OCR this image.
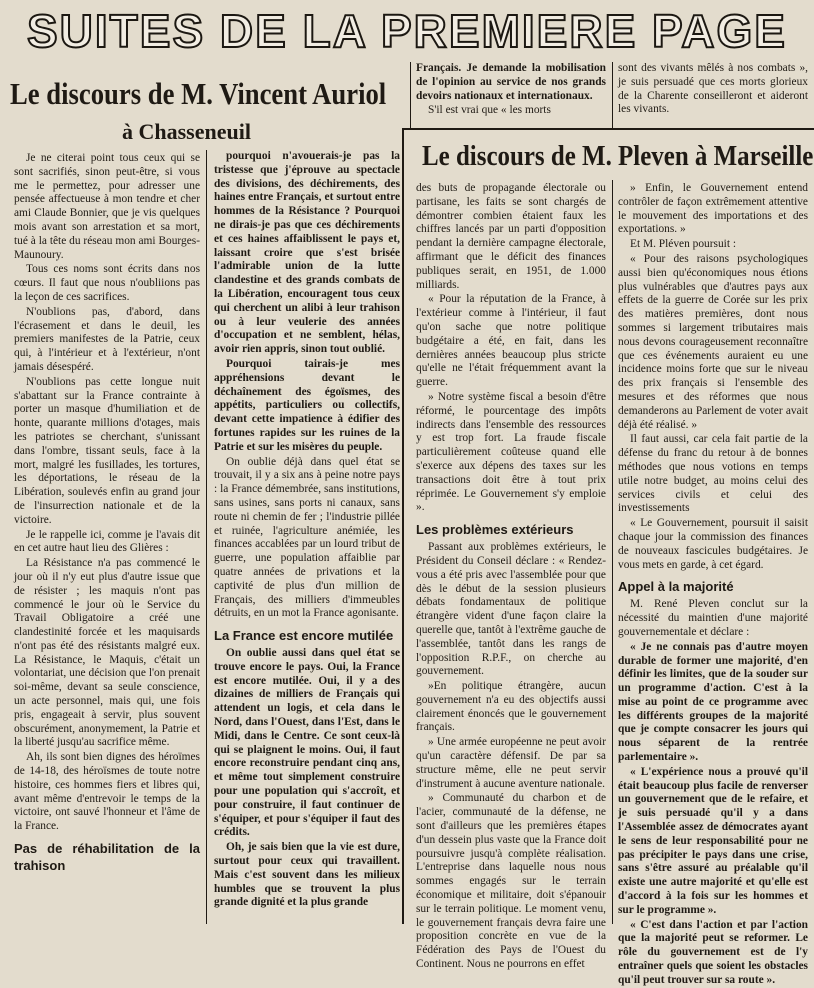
SUITES DE LA PREMIERE PAGE
Le discours de M. Vincent Auriol
à Chasseneuil
Le discours de M. Pleven à Marseille

Je ne citerai point tous ceux qui se sont sacrifiés, sinon peut-être, si vous me le permettez, pour adresser une pensée affectueuse à mon tendre et cher ami Claude Bonnier, que je vis quelques mois avant son arrestation et sa mort, tué à la tête du réseau mon ami Bourges-Maunoury.

Tous ces noms sont écrits dans nos cœurs. Il faut que nous n'oubliions pas la leçon de ces sacrifices.

N'oublions pas, d'abord, dans l'écrasement et dans le deuil, les premiers manifestes de la Patrie, ceux qui, à l'intérieur et à l'extérieur, n'ont jamais désespéré.

N'oublions pas cette longue nuit s'abattant sur la France contrainte à porter un masque d'humiliation et de honte, quarante millions d'otages, mais les patriotes se cherchant, s'unissant dans l'ombre, tissant seuls, face à la mort, malgré les fusillades, les tortures, les déportations, le réseau de la Libération, soulevés enfin au grand jour de l'insurrection nationale et de la victoire.

Je le rappelle ici, comme je l'avais dit en cet autre haut lieu des Glières :

La Résistance n'a pas commencé le jour où il n'y eut plus d'autre issue que de résister ; les maquis n'ont pas commencé le jour où le Service du Travail Obligatoire a créé une clandestinité forcée et les maquisards n'ont pas été des résistants malgré eux. La Résistance, le Maquis, c'était un volontariat, une décision que l'on prenait soi-même, devant sa seule conscience, un acte personnel, mais qui, une fois pris, engageait à servir, plus souvent obscurément, anonymement, la Patrie et la liberté jusqu'au sacrifice même.

Ah, ils sont bien dignes des héroïmes de 14-18, des héroïsmes de toute notre histoire, ces hommes fiers et libres qui, avant même d'entrevoir le temps de la victoire, ont sauvé l'honneur et l'âme de la France.

Pas de réhabilitation de la trahison

pourquoi n'avouerais-je pas la tristesse que j'éprouve au spectacle des divisions, des déchirements, des haines entre Français, et surtout entre hommes de la Résistance ? Pourquoi ne dirais-je pas que ces déchirements et ces haines affaiblissent le pays et, laissant croire que s'est brisée l'admirable union de la lutte clandestine et des grands combats de la Libération, encouragent tous ceux qui cherchent un alibi à leur trahison ou à leur veulerie des années d'occupation et ne semblent, hélas, avoir rien appris, sinon tout oublié.

Pourquoi tairais-je mes appréhensions devant le déchaînement des égoïsmes, des appétits, particuliers ou collectifs, devant cette impatience à édifier des fortunes rapides sur les ruines de la Patrie et sur les misères du peuple.

On oublie déjà dans quel état se trouvait, il y a six ans à peine notre pays : la France démembrée, sans institutions, sans usines, sans ports ni canaux, sans route ni chemin de fer ; l'industrie pillée et ruinée, l'agriculture anémiée, les finances accablées par un lourd tribut de guerre, une population affaiblie par quatre années de privations et la captivité de plus d'un million de Français, des milliers d'immeubles détruits, en un mot la France agonisante.

La France est encore mutilée

On oublie aussi dans quel état se trouve encore le pays. Oui, la France est encore mutilée. Oui, il y a des dizaines de milliers de Français qui attendent un logis, et cela dans le Nord, dans l'Ouest, dans l'Est, dans le Midi, dans le Centre. Ce sont ceux-là qui se plaignent le moins. Oui, il faut encore reconstruire pendant cinq ans, et même tout simplement construire pour une population qui s'accroît, et pour construire, il faut continuer de s'équiper, et pour s'équiper il faut des crédits.

Oh, je sais bien que la vie est dure, surtout pour ceux qui travaillent. Mais c'est souvent dans les milieux humbles que se trouvent la plus grande dignité et la plus grande

Français. Je demande la mobilisation de l'opinion au service de nos grands devoirs nationaux et internationaux.

S'il est vrai que « les morts

sont des vivants mêlés à nos combats », je suis persuadé que ces morts glorieux de la Charente conseilleront et aideront les vivants.

des buts de propagande électorale ou partisane, les faits se sont chargés de démontrer combien étaient faux les chiffres lancés par un parti d'opposition pendant la dernière campagne électorale, affirmant que le déficit des finances publiques serait, en 1951, de 1.000 milliards.

« Pour la réputation de la France, à l'extérieur comme à l'intérieur, il faut qu'on sache que notre politique budgétaire a été, en fait, dans les dernières années beaucoup plus stricte qu'elle ne l'était fréquemment avant la guerre.

» Notre système fiscal a besoin d'être réformé, le pourcentage des impôts indirects dans l'ensemble des ressources y est trop fort. La fraude fiscale particulièrement coûteuse quand elle s'exerce aux dépens des taxes sur les transactions doit être à tout prix réprimée. Le Gouvernement s'y emploie ».

Les problèmes extérieurs

Passant aux problèmes extérieurs, le Président du Conseil déclare : « Rendez-vous a été pris avec l'assemblée pour que dès le début de la session plusieurs débats fondamentaux de politique étrangère vident d'une façon claire la querelle que, tantôt à l'extrême gauche de l'assemblée, tantôt dans les rangs de l'opposition R.P.F., on cherche au gouvernement.

»En politique étrangère, aucun gouvernement n'a eu des objectifs aussi clairement énoncés que le gouvernement français.

» Une armée européenne ne peut avoir qu'un caractère défensif. De par sa structure même, elle ne peut servir d'instrument à aucune aventure nationale.

» Communauté du charbon et de l'acier, communauté de la défense, ne sont d'ailleurs que les premières étapes d'un dessein plus vaste que la France doit poursuivre jusqu'à complète réalisation. L'entreprise dans laquelle nous nous sommes engagés sur le terrain économique et militaire, doit s'épanouir sur le terrain politique. Le moment venu, le gouvernement français devra faire une proposition concrète en vue de la Fédération des Pays de l'Ouest du Continent. Nous ne pourrons en effet

» Enfin, le Gouvernement entend contrôler de façon extrêmement attentive le mouvement des importations et des exportations. »

Et M. Pléven poursuit :

« Pour des raisons psychologiques aussi bien qu'économiques nous étions plus vulnérables que d'autres pays aux effets de la guerre de Corée sur les prix des matières premières, dont nous sommes si largement tributaires mais nous devons courageusement reconnaître que ces événements auraient eu une incidence moins forte que sur le niveau des prix français si l'ensemble des mesures et des réformes que nous demanderons au Parlement de voter avait déjà été réalisé. »

Il faut aussi, car cela fait partie de la défense du franc du retour à de bonnes méthodes que nous votions en temps utile notre budget, au moins celui des services civils et celui des investissements

« Le Gouvernement, poursuit il saisit chaque jour la commission des finances de nouveaux fascicules budgétaires. Je vous mets en garde, à cet égard.

Appel à la majorité

M. René Pleven conclut sur la nécessité du maintien d'une majorité gouvernementale et déclare :

« Je ne connais pas d'autre moyen durable de former une majorité, d'en définir les limites, que de la souder sur un programme d'action. C'est à la mise au point de ce programme avec les différents groupes de la majorité que je compte consacrer les jours qui nous séparent de la rentrée parlementaire ».

« L'expérience nous a prouvé qu'il était beaucoup plus facile de renverser un gouvernement que de le refaire, et je suis persuadé qu'il y a dans l'Assemblée assez de démocrates ayant le sens de leur responsabilité pour ne pas précipiter le pays dans une crise, sans s'être assuré au préalable qu'il existe une autre majorité et qu'elle est d'accord à la fois sur les hommes et sur le programme ».

« C'est dans l'action et par l'action que la majorité peut se reformer. Le rôle du gouvernement est de l'y entraîner quels que soient les obstacles qu'il peut trouver sur sa route ».
